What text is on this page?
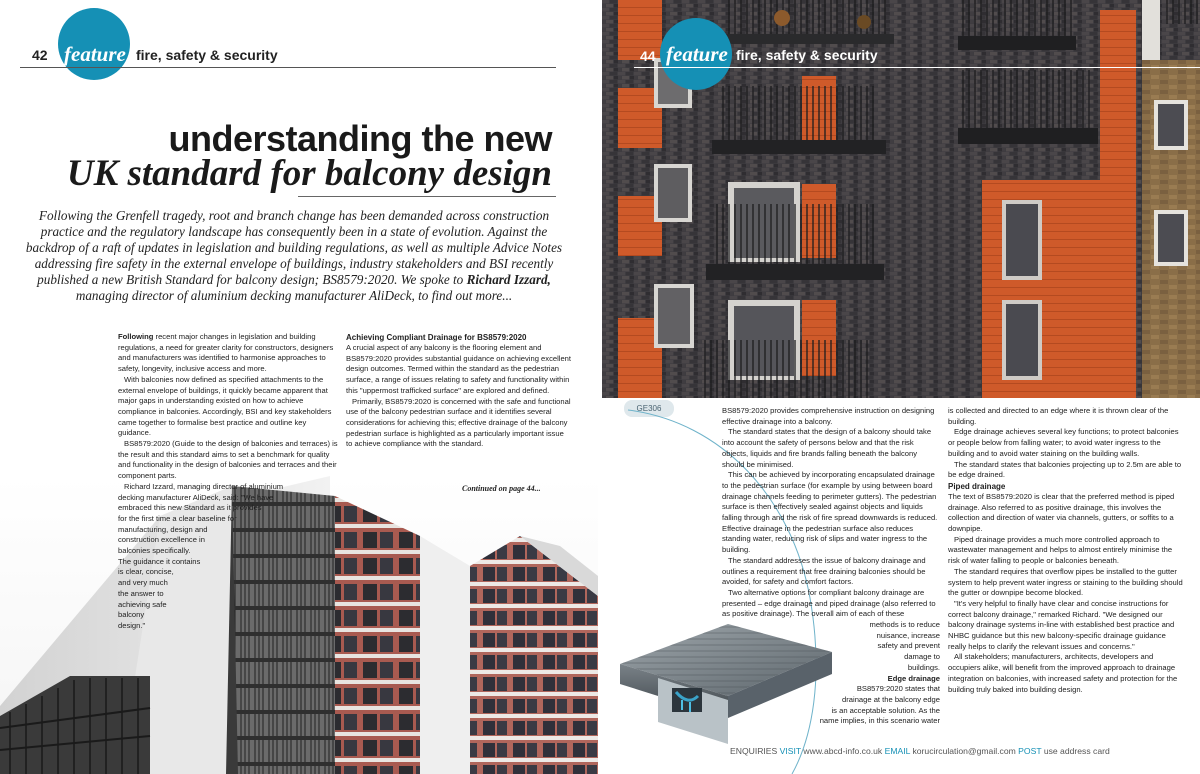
42 feature fire, safety & security
understanding the new
UK standard for balcony design

Following the Grenfell tragedy, root and branch change has been demanded across construction practice and the regulatory landscape has consequently been in a state of evolution. Against the backdrop of a raft of updates in legislation and building regulations, as well as multiple Advice Notes addressing fire safety in the external envelope of buildings, industry stakeholders and BSI recently published a new British Standard for balcony design; BS8579:2020. We spoke to Richard Izzard, managing director of aluminium decking manufacturer AliDeck, to find out more...

Following recent major changes in legislation and building regulations, a need for greater clarity for constructors, designers and manufacturers was identified to harmonise approaches to safety, longevity, inclusive access and more.

With balconies now defined as specified attachments to the external envelope of buildings, it quickly became apparent that major gaps in understanding existed on how to achieve compliance in balconies. Accordingly, BSI and key stakeholders came together to formalise best practice and outline key guidance.

BS8579:2020 (Guide to the design of balconies and terraces) is the result and this standard aims to set a benchmark for quality and functionality in the design of balconies and terraces and their component parts.

Richard Izzard, managing director of aluminium

decking manufacturer AliDeck, said: "We have
embraced this new Standard as it provides
for the first time a clear baseline for
manufacturing, design and
construction excellence in
balconies specifically.
The guidance it contains
is clear, concise,
and very much
the answer to
achieving safe
balcony
design."
Achieving Compliant Drainage for BS8579:2020

A crucial aspect of any balcony is the flooring element and BS8579:2020 provides substantial guidance on achieving excellent design outcomes. Termed within the standard as the pedestrian surface, a range of issues relating to safety and functionality within this "uppermost trafficked surface" are explored and defined.

Primarily, BS8579:2020 is concerned with the safe and functional use of the balcony pedestrian surface and it identifies several considerations for achieving this; effective drainage of the balcony pedestrian surface is highlighted as a particularly important issue to achieve compliance with the standard.

Continued on page 44...
44 feature fire, safety & security
GE306	BS8579:2020 provides comprehensive instruction on designing effective drainage into a balcony.

The standard states that the design of a balcony should take into account the safety of persons below and that the risk objects, liquids and fire brands falling beneath the balcony should be minimised.

This can be achieved by incorporating encapsulated drainage to the pedestrian surface (for example by using between board drainage channels feeding to perimeter gutters). The pedestrian surface is then effectively sealed against objects and liquids falling through and the risk of fire spread downwards is reduced. Effective drainage in the pedestrian surface also reduces standing water, reducing risk of slips and water ingress to the building.

The standard addresses the issue of balcony drainage and outlines a requirement that free draining balconies should be avoided, for safety and comfort factors.

Two alternative options for compliant balcony drainage are presented – edge drainage and piped drainage (also referred to as positive drainage). The overall aim of each of these

methods is to reduce

nuisance, increase

safety and prevent

damage to

buildings.

Edge drainage

BS8579:2020 states that

drainage at the balcony edge

is an acceptable solution. As the

name implies, in this scenario water

is collected and directed to an edge where it is thrown clear of the building.

Edge drainage achieves several key functions; to protect balconies or people below from falling water; to avoid water ingress to the building and to avoid water staining on the building walls.

The standard states that balconies projecting up to 2.5m are able to be edge drained.

Piped drainage

The text of BS8579:2020 is clear that the preferred method is piped drainage. Also referred to as positive drainage, this involves the collection and direction of water via channels, gutters, or soffits to a downpipe.

Piped drainage provides a much more controlled approach to wastewater management and helps to almost entirely minimise the risk of water falling to people or balconies beneath.

The standard requires that overflow pipes be installed to the gutter system to help prevent water ingress or staining to the building should the gutter or downpipe become blocked.

"It's very helpful to finally have clear and concise instructions for correct balcony drainage," remarked Richard. "We designed our balcony drainage systems in-line with established best practice and NHBC guidance but this new balcony-specific drainage guidance really helps to clarify the relevant issues and concerns."

All stakeholders; manufacturers, architects, developers and occupiers alike, will benefit from the improved approach to drainage integration on balconies, with increased safety and protection for the building truly baked into building design.

ENQUIRIES VISIT www.abcd-info.co.uk EMAIL korucirculation@gmail.com POST use address card
